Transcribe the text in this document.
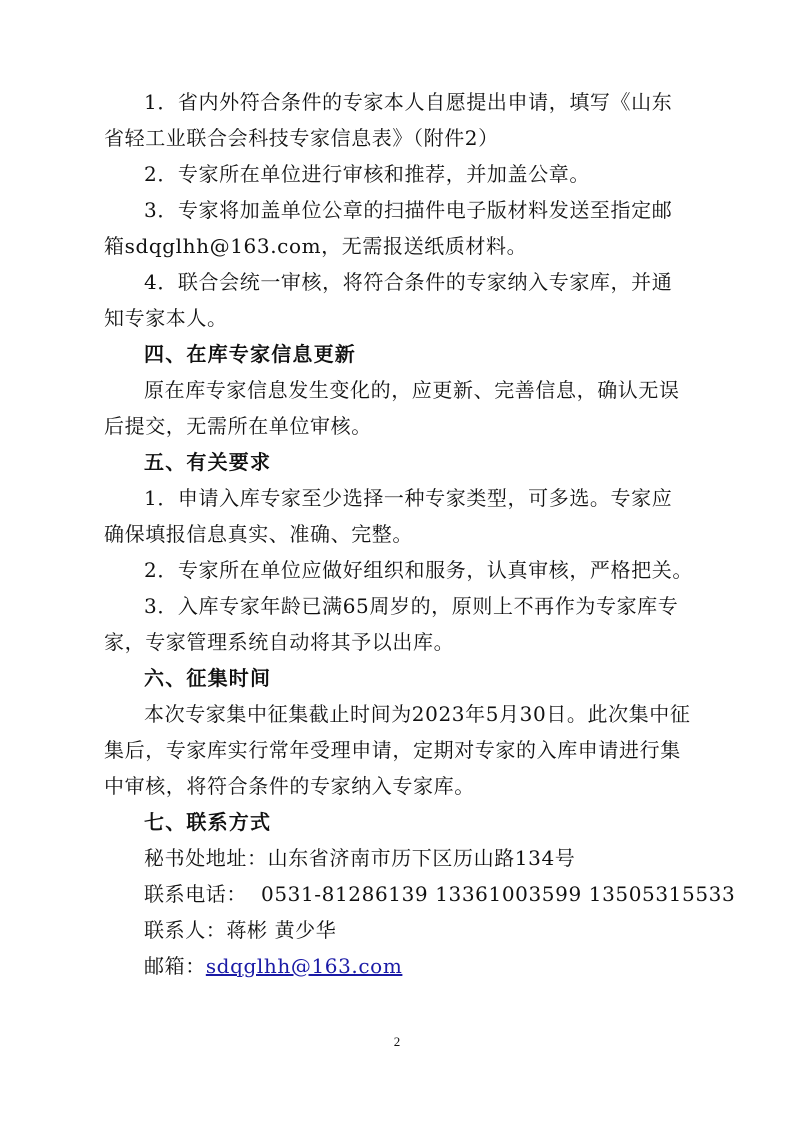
1．省内外符合条件的专家本人自愿提出申请，填写《山东
省轻工业联合会科技专家信息表》（附件2）
2．专家所在单位进行审核和推荐，并加盖公章。
3．专家将加盖单位公章的扫描件电子版材料发送至指定邮
箱sdqglhh@163.com，无需报送纸质材料。
4．联合会统一审核，将符合条件的专家纳入专家库，并通
知专家本人。
四、在库专家信息更新
原在库专家信息发生变化的，应更新、完善信息，确认无误
后提交，无需所在单位审核。
五、有关要求
1．申请入库专家至少选择一种专家类型，可多选。专家应
确保填报信息真实、准确、完整。
2．专家所在单位应做好组织和服务，认真审核，严格把关。
3．入库专家年龄已满65周岁的，原则上不再作为专家库专
家，专家管理系统自动将其予以出库。
六、征集时间
本次专家集中征集截止时间为2023年5月30日。此次集中征
集后，专家库实行常年受理申请，定期对专家的入库申请进行集
中审核，将符合条件的专家纳入专家库。
七、联系方式
秘书处地址：山东省济南市历下区历山路134号
联系电话： 0531-81286139 13361003599 13505315533
联系人：蒋彬 黄少华
邮箱：sdqglhh@163.com
2
